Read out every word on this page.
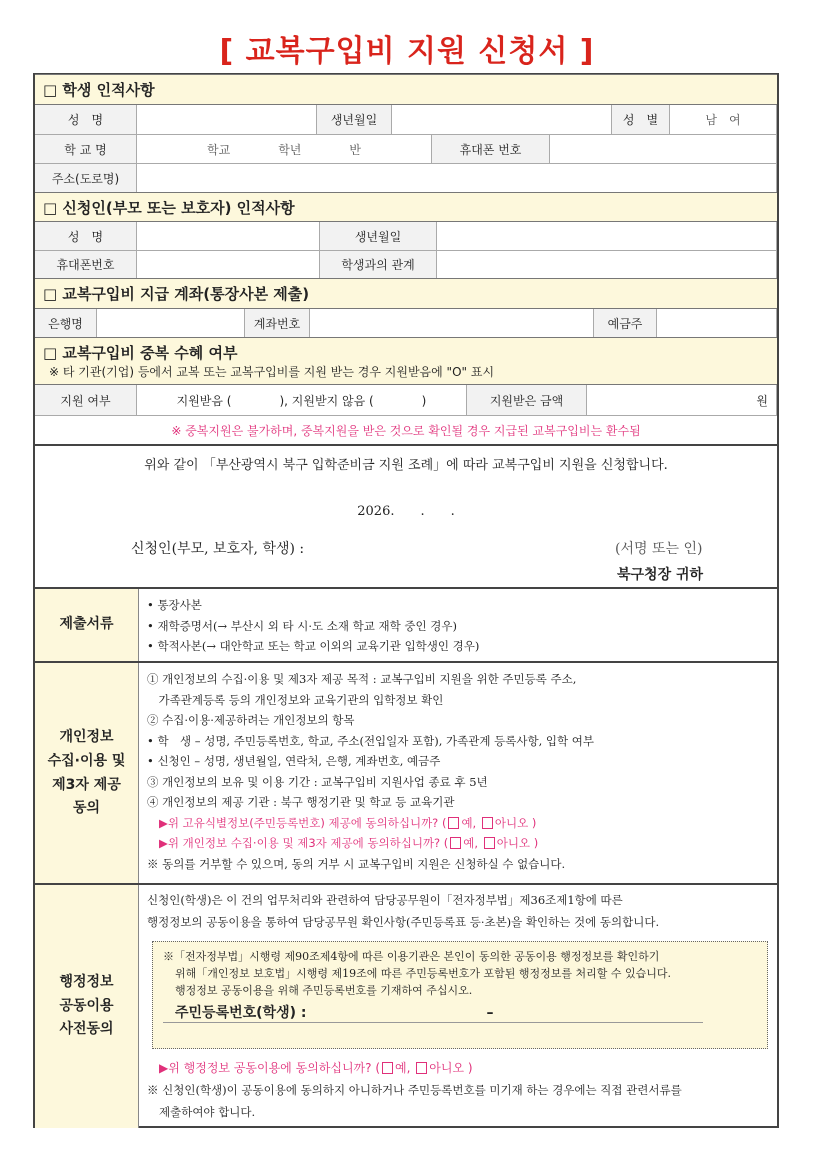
[ 교복구입비 지원 신청서 ]
□ 학생 인적사항
성　명	생년월일	성　별	남　여
학 교 명	학교　　　　학년　　　　반	휴대폰 번호
주소(도로명)
□ 신청인(부모 또는 보호자) 인적사항
성　명	생년월일
휴대폰번호	학생과의 관계
□ 교복구입비 지급 계좌(통장사본 제출)
은행명	계좌번호	예금주
□ 교복구입비 중복 수혜 여부
※ 타 기관(기업) 등에서 교복 또는 교복구입비를 지원 받는 경우 지원받음에 "O" 표시
지원 여부	지원받음 (　　　　), 지원받지 않음 (　　　　)	지원받은 금액	원
※ 중복지원은 불가하며, 중복지원을 받은 것으로 확인될 경우 지급된 교복구입비는 환수됨
위와 같이 「부산광역시 북구 입학준비금 지원 조례」에 따라 교복구입비 지원을 신청합니다.
2026.　　.　　.
신청인(부모, 보호자, 학생) :	(서명 또는 인)
북구청장 귀하
제출서류
• 통장사본
• 재학증명서(→ 부산시 외 타 시·도 소재 학교 재학 중인 경우)
• 학적사본(→ 대안학교 또는 학교 이외의 교육기관 입학생인 경우)
개인정보
수집·이용 및
제3자 제공
동의
① 개인정보의 수집·이용 및 제3자 제공 목적 : 교복구입비 지원을 위한 주민등록 주소,
　가족관계등록 등의 개인정보와 교육기관의 입학정보 확인
② 수집·이용·제공하려는 개인정보의 항목
• 학　생 – 성명, 주민등록번호, 학교, 주소(전입일자 포함), 가족관계 등록사항, 입학 여부
• 신청인 – 성명, 생년월일, 연락처, 은행, 계좌번호, 예금주
③ 개인정보의 보유 및 이용 기간 : 교복구입비 지원사업 종료 후 5년
④ 개인정보의 제공 기관 : 북구 행정기관 및 학교 등 교육기관
▶위 고유식별정보(주민등록번호) 제공에 동의하십니까? ( 예, 아니오 )
▶위 개인정보 수집·이용 및 제3자 제공에 동의하십니까? ( 예, 아니오 )
※ 동의를 거부할 수 있으며, 동의 거부 시 교복구입비 지원은 신청하실 수 없습니다.
행정정보
공동이용
사전동의
신청인(학생)은 이 건의 업무처리와 관련하여 담당공무원이「전자정부법」제36조제1항에 따른
행정정보의 공동이용을 통하여 담당공무원 확인사항(주민등록표 등·초본)을 확인하는 것에 동의합니다.
※「전자정부법」시행령 제90조제4항에 따른 이용기관은 본인이 동의한 공동이용 행정정보를 확인하기
위해「개인정보 보호법」시행령 제19조에 따른 주민등록번호가 포함된 행정정보를 처리할 수 있습니다.
행정정보 공동이용을 위해 주민등록번호를 기재하여 주십시오.
주민등록번호(학생) :	–
▶위 행정정보 공동이용에 동의하십니까? ( 예, 아니오 )
※ 신청인(학생)이 공동이용에 동의하지 아니하거나 주민등록번호를 미기재 하는 경우에는 직접 관련서류를
제출하여야 합니다.
